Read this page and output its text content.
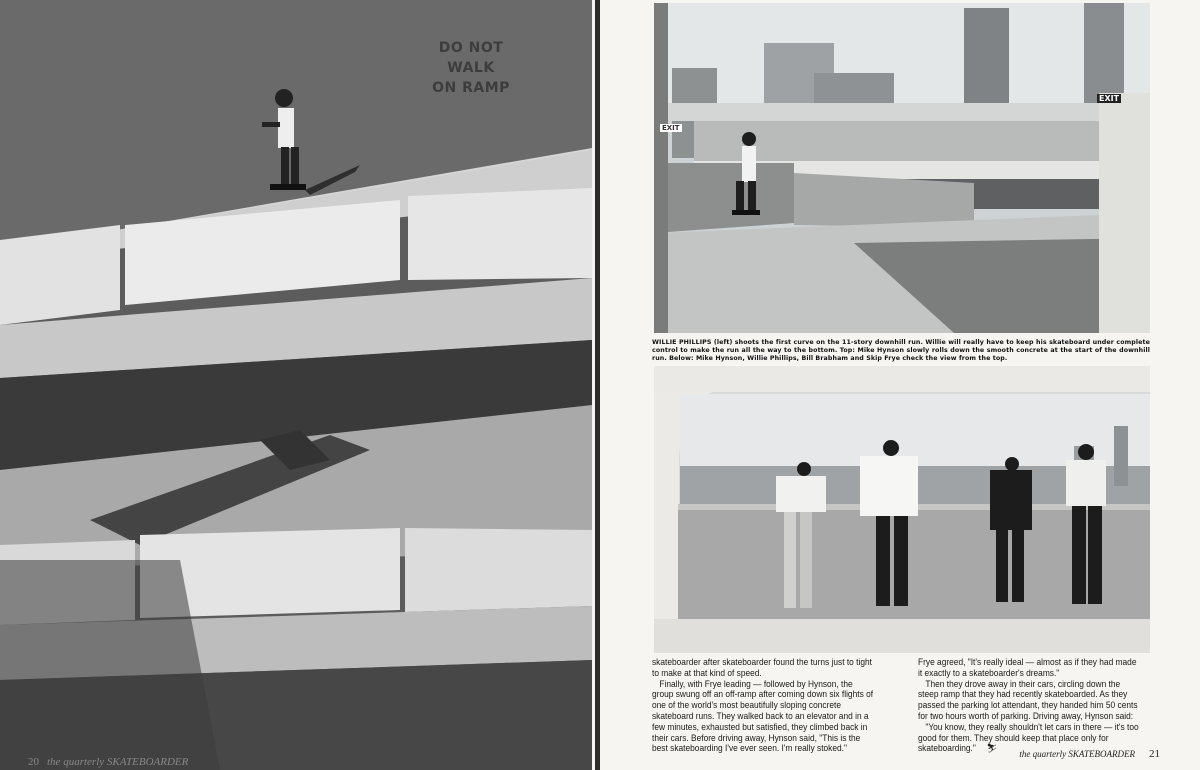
DO NOT WALK
ON RAMP
20 the quarterly SKATEBOARDER
EXIT
EXIT
WILLIE PHILLIPS (left) shoots the first curve on the 11-story downhill run. Willie will really have to keep his skateboard under complete control to make the run all the way to the bottom. Top: Mike Hynson slowly rolls down the smooth concrete at the start of the downhill run. Below: Mike Hynson, Willie Phillips, Bill Brabham and Skip Frye check the view from the top.

skateboarder after skateboarder found the turns just to tight to make at that kind of speed.

Finally, with Frye leading — followed by Hynson, the group swung off an off-ramp after coming down six flights of one of the world's most beautifully sloping concrete skateboard runs. They walked back to an elevator and in a few minutes, exhausted but satisfied, they climbed back in their cars. Before driving away, Hynson said, "This is the best skateboarding I've ever seen. I'm really stoked."

Frye agreed, "It's really ideal — almost as if they had made it exactly to a skateboarder's dreams."

Then they drove away in their cars, circling down the steep ramp that they had recently skateboarded. As they passed the parking lot attendant, they handed him 50 cents for two hours worth of parking. Driving away, Hynson said:

"You know, they really shouldn't let cars in there — it's too good for them. They should keep that place only for skateboarding." ⛷

the quarterly SKATEBOARDER 21
